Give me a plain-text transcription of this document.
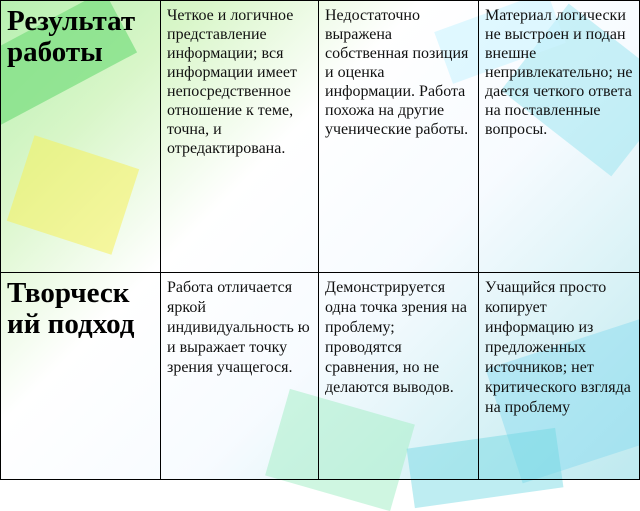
Результат
работы	Четкое и логичное представление информации; вся информации имеет непосредственное отношение к теме, точна, и отредактирована.	Недостаточно выражена собственная позиция и оценка информации. Работа похожа на другие ученические работы.	Материал логически не выстроен и подан внешне непривлекательно; не дается четкого ответа на поставленные вопросы.

Творческ
ий подход	Работа отличается яркой индивидуальность ю и выражает точку зрения учащегося.	Демонстрируется одна точка зрения на проблему; проводятся сравнения, но не делаются выводов.	Учащийся просто копирует информацию из предложенных источников; нет критического взгляда на проблему
